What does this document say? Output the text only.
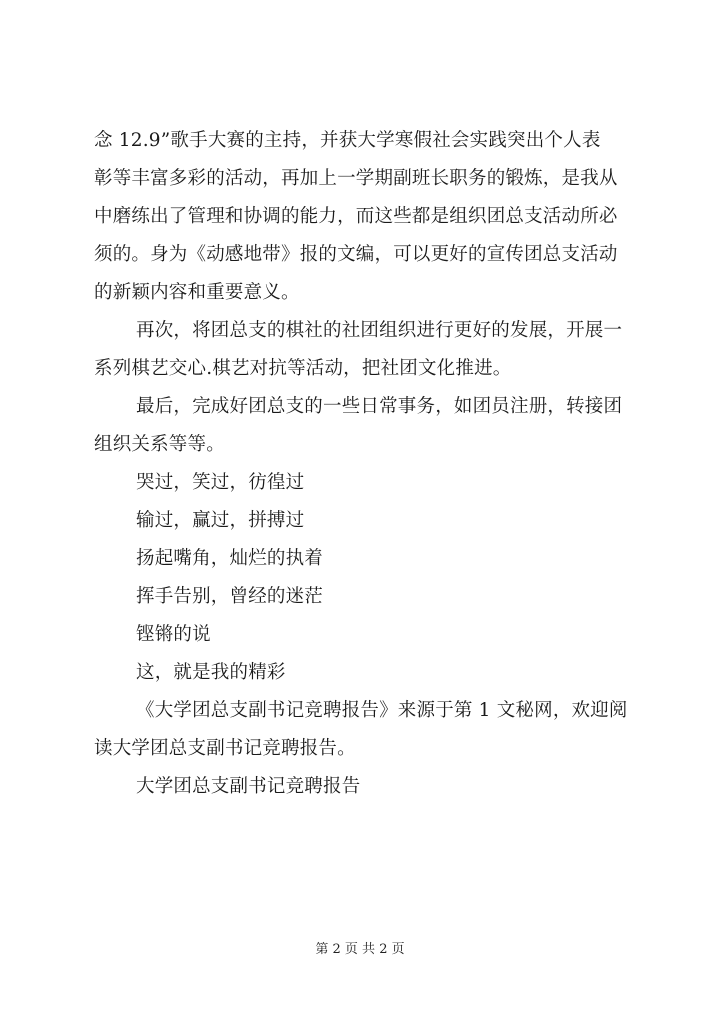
念 12.9”歌手大赛的主持，并获大学寒假社会实践突出个人表
彰等丰富多彩的活动，再加上一学期副班长职务的锻炼，是我从
中磨练出了管理和协调的能力，而这些都是组织团总支活动所必
须的。身为《动感地带》报的文编，可以更好的宣传团总支活动
的新颖内容和重要意义。
再次，将团总支的棋社的社团组织进行更好的发展，开展一
系列棋艺交心.棋艺对抗等活动，把社团文化推进。
最后，完成好团总支的一些日常事务，如团员注册，转接团
组织关系等等。
哭过，笑过，彷徨过
输过，赢过，拼搏过
扬起嘴角，灿烂的执着
挥手告别，曾经的迷茫
铿锵的说
这，就是我的精彩
《大学团总支副书记竞聘报告》来源于第 1 文秘网，欢迎阅
读大学团总支副书记竞聘报告。
大学团总支副书记竞聘报告
第 2 页 共 2 页
